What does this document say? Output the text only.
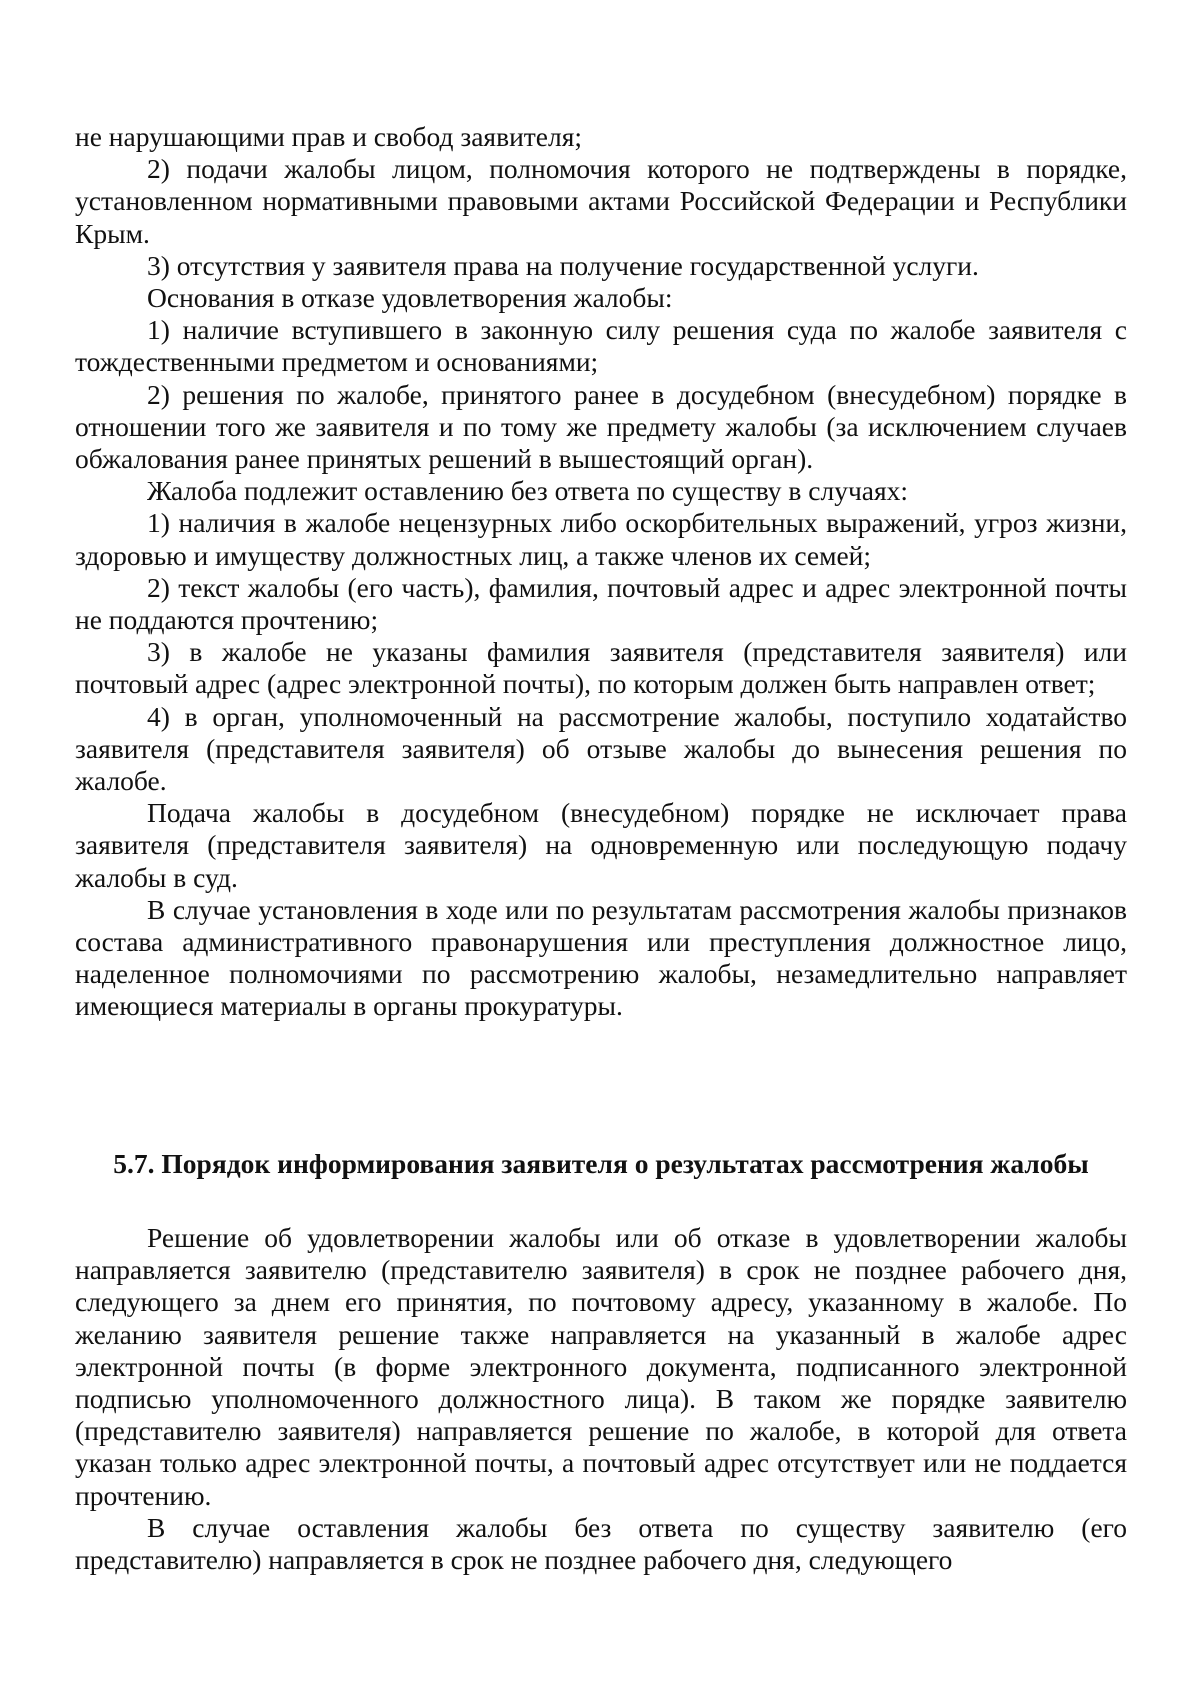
не нарушающими прав и свобод заявителя;

2) подачи жалобы лицом, полномочия которого не подтверждены в порядке, установленном нормативными правовыми актами Российской Федерации и Республики Крым.

3) отсутствия у заявителя права на получение государственной услуги.

Основания в отказе удовлетворения жалобы:

1) наличие вступившего в законную силу решения суда по жалобе заявителя с тождественными предметом и основаниями;

2) решения по жалобе, принятого ранее в досудебном (внесудебном) порядке в отношении того же заявителя и по тому же предмету жалобы (за исключением случаев обжалования ранее принятых решений в вышестоящий орган).

Жалоба подлежит оставлению без ответа по существу в случаях:

1) наличия в жалобе нецензурных либо оскорбительных выражений, угроз жизни, здоровью и имуществу должностных лиц, а также членов их семей;

2) текст жалобы (его часть), фамилия, почтовый адрес и адрес электронной почты не поддаются прочтению;

3) в жалобе не указаны фамилия заявителя (представителя заявителя) или почтовый адрес (адрес электронной почты), по которым должен быть направлен ответ;

4) в орган, уполномоченный на рассмотрение жалобы, поступило ходатайство заявителя (представителя заявителя) об отзыве жалобы до вынесения решения по жалобе.

Подача жалобы в досудебном (внесудебном) порядке не исключает права заявителя (представителя заявителя) на одновременную или последующую подачу жалобы в суд.

В случае установления в ходе или по результатам рассмотрения жалобы признаков состава административного правонарушения или преступления должностное лицо, наделенное полномочиями по рассмотрению жалобы, незамедлительно направляет имеющиеся материалы в органы прокуратуры.

5.7. Порядок информирования заявителя о результатах рассмотрения жалобы

Решение об удовлетворении жалобы или об отказе в удовлетворении жалобы направляется заявителю (представителю заявителя) в срок не позднее рабочего дня, следующего за днем его принятия, по почтовому адресу, указанному в жалобе. По желанию заявителя решение также направляется на указанный в жалобе адрес электронной почты (в форме электронного документа, подписанного электронной подписью уполномоченного должностного лица). В таком же порядке заявителю (представителю заявителя) направляется решение по жалобе, в которой для ответа указан только адрес электронной почты, а почтовый адрес отсутствует или не поддается прочтению.

В случае оставления жалобы без ответа по существу заявителю (его представителю) направляется в срок не позднее рабочего дня, следующего
